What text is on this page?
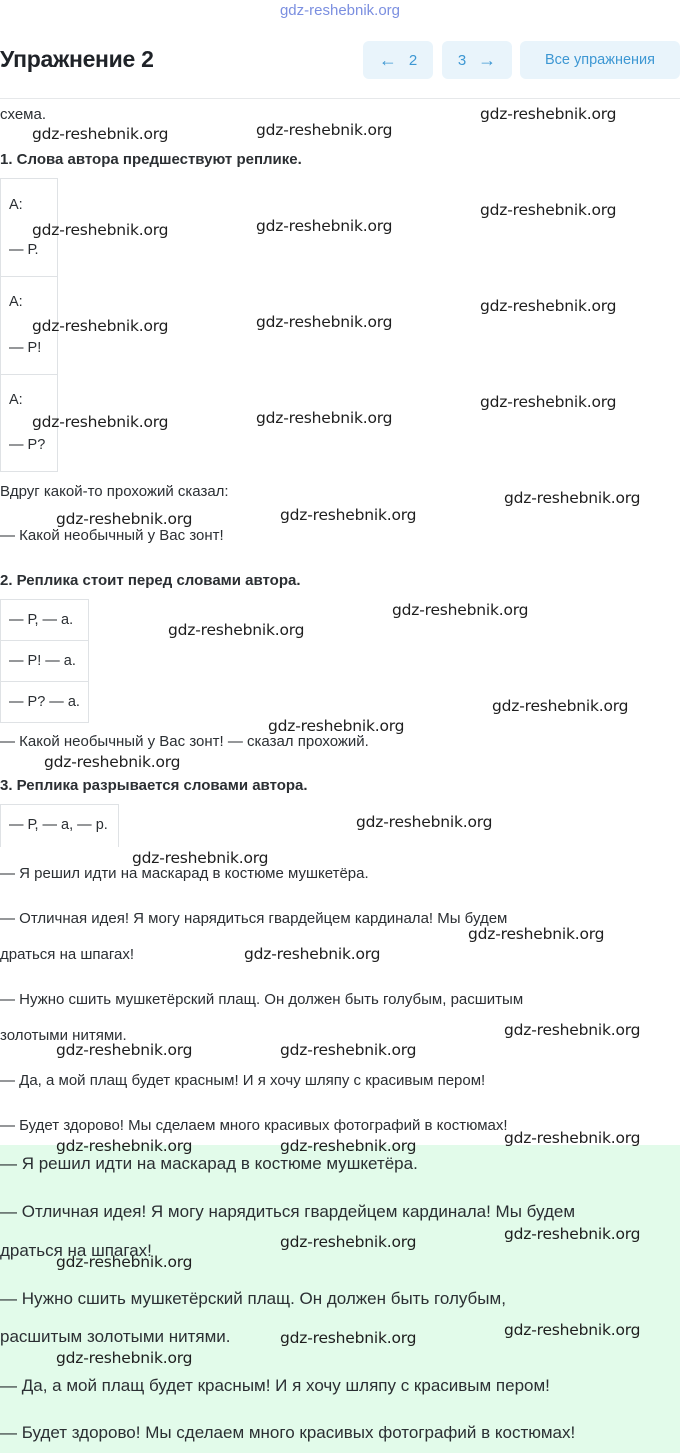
gdz-reshebnik.org
Упражнение 2	← 2	3 →	Все упражнения
схема.
1. Слова автора предшествуют реплике.
А:
— Р.
А:
— Р!
А:
— Р?
Вдруг какой-то прохожий сказал:
— Какой необычный у Вас зонт!
2. Реплика стоит перед словами автора.
— Р, — а.
— Р! — а.
— Р? — а.
— Какой необычный у Вас зонт! — сказал прохожий.
3. Реплика разрывается словами автора.
— Р, — а, — р.
— Я решил идти на маскарад в костюме мушкетёра.
— Отличная идея! Я могу нарядиться гвардейцем кардинала! Мы будем
драться на шпагах!
— Нужно сшить мушкетёрский плащ. Он должен быть голубым, расшитым
золотыми нитями.
— Да, а мой плащ будет красным! И я хочу шляпу с красивым пером!
— Будет здорово! Мы сделаем много красивых фотографий в костюмах!
— Я решил идти на маскарад в костюме мушкетёра.
— Отличная идея! Я могу нарядиться гвардейцем кардинала! Мы будем
драться на шпагах!
— Нужно сшить мушкетёрский плащ. Он должен быть голубым,
расшитым золотыми нитями.
— Да, а мой плащ будет красным! И я хочу шляпу с красивым пером!
— Будет здорово! Мы сделаем много красивых фотографий в костюмах!
gdz-reshebnik.org	gdz-reshebnik.org
gdz-reshebnik.org
gdz-reshebnik.org	gdz-reshebnik.org
gdz-reshebnik.org
gdz-reshebnik.org	gdz-reshebnik.org
gdz-reshebnik.org
gdz-reshebnik.org	gdz-reshebnik.org
gdz-reshebnik.org
gdz-reshebnik.org	gdz-reshebnik.org
gdz-reshebnik.org
gdz-reshebnik.org
gdz-reshebnik.org
gdz-reshebnik.org
gdz-reshebnik.org
gdz-reshebnik.org
gdz-reshebnik.org
gdz-reshebnik.org
gdz-reshebnik.org
gdz-reshebnik.org
gdz-reshebnik.org
gdz-reshebnik.org	gdz-reshebnik.org
gdz-reshebnik.org
gdz-reshebnik.org	gdz-reshebnik.org
gdz-reshebnik.org
gdz-reshebnik.org
gdz-reshebnik.org
gdz-reshebnik.org
gdz-reshebnik.org
gdz-reshebnik.org
